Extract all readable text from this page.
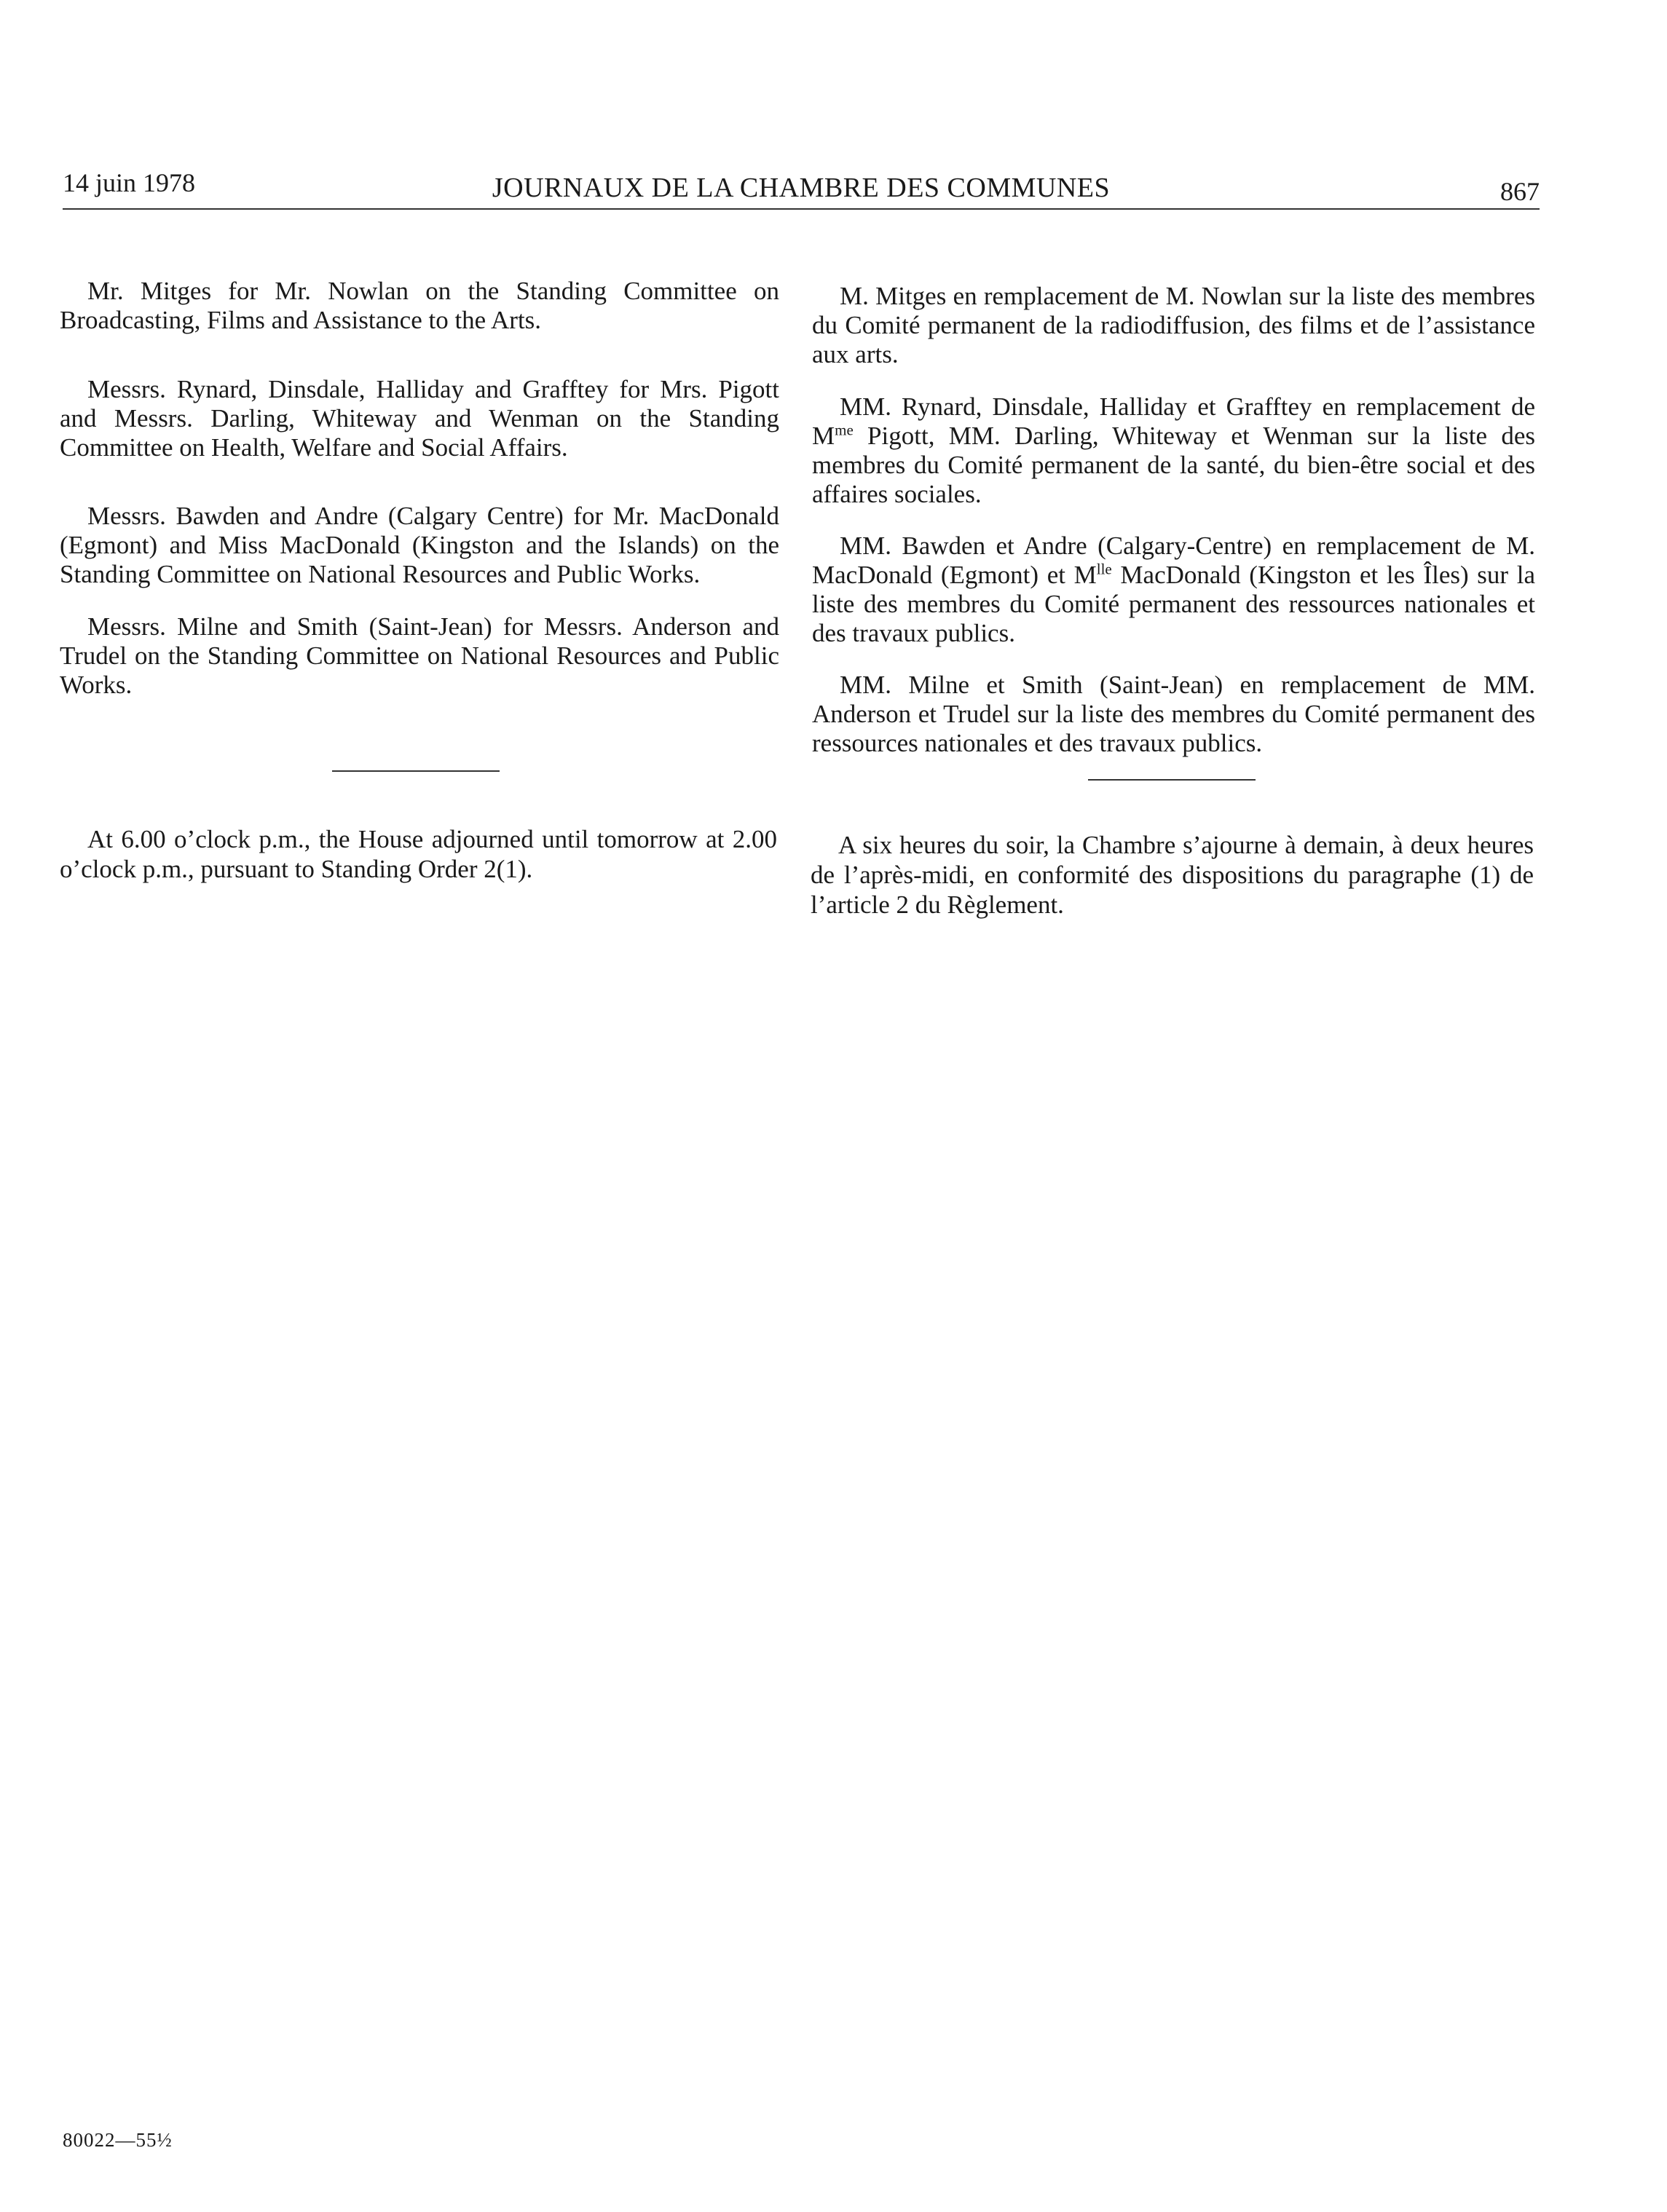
14 juin 1978	JOURNAUX DE LA CHAMBRE DES COMMUNES	867

Mr. Mitges for Mr. Nowlan on the Standing Committee on Broadcasting, Films and Assistance to the Arts.

Messrs. Rynard, Dinsdale, Halliday and Grafftey for Mrs. Pigott and Messrs. Darling, Whiteway and Wenman on the Standing Committee on Health, Welfare and Social Affairs.

Messrs. Bawden and Andre (Calgary Centre) for Mr. MacDonald (Egmont) and Miss MacDonald (Kingston and the Islands) on the Standing Committee on National Resources and Public Works.

Messrs. Milne and Smith (Saint-Jean) for Messrs. Anderson and Trudel on the Standing Committee on National Resources and Public Works.

M. Mitges en remplacement de M. Nowlan sur la liste des membres du Comité permanent de la radiodiffusion, des films et de l’assistance aux arts.

MM. Rynard, Dinsdale, Halliday et Grafftey en remplacement de $M^{me}$ Pigott, MM. Darling, Whiteway et Wenman sur la liste des membres du Comité permanent de la santé, du bien-être social et des affaires sociales.

MM. Bawden et Andre (Calgary-Centre) en remplacement de M. MacDonald (Egmont) et $M^{lle}$ MacDonald (Kingston et les Îles) sur la liste des membres du Comité permanent des ressources nationales et des travaux publics.

MM. Milne et Smith (Saint-Jean) en remplacement de MM. Anderson et Trudel sur la liste des membres du Comité permanent des ressources nationales et des travaux publics.

At 6.00 o’clock p.m., the House adjourned until tomorrow at 2.00 o’clock p.m., pursuant to Standing Order 2(1).

A six heures du soir, la Chambre s’ajourne à demain, à deux heures de l’après-midi, en conformité des dispositions du paragraphe (1) de l’article 2 du Règlement.

80022—55½
